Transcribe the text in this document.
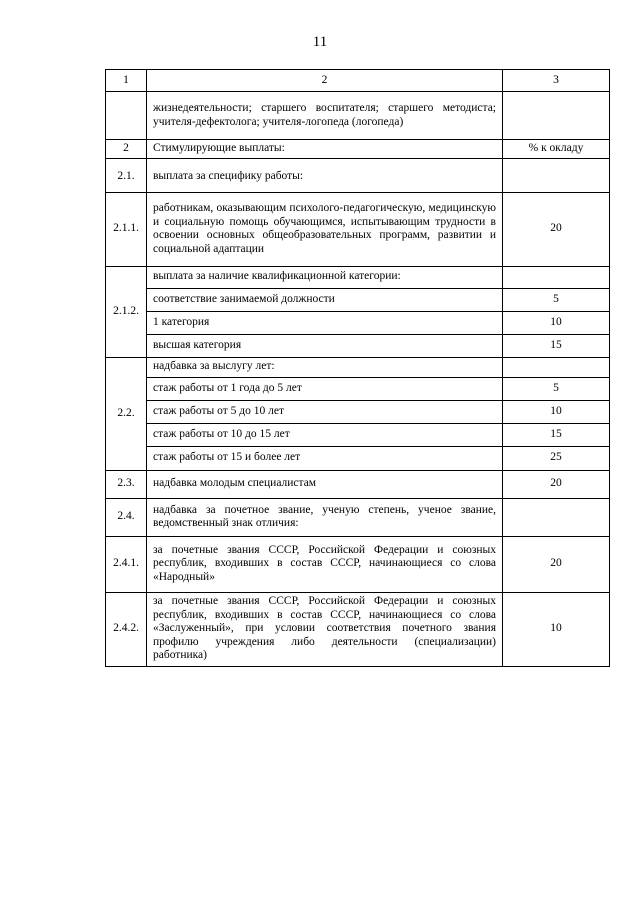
11
1	2	3
	жизнедеятельности; старшего воспитателя; старшего методиста; учителя-дефектолога; учителя-логопеда (логопеда)	
2	Стимулирующие выплаты:	% к окладу
2.1.	выплата за специфику работы:	
2.1.1.	работникам, оказывающим психолого-педагогическую, медицинскую и социальную помощь обучающимся, испытывающим трудности в освоении основных общеобразовательных программ, развитии и социальной адаптации	20
2.1.2.	выплата за наличие квалификационной категории:	
	соответствие занимаемой должности	5
	1 категория	10
	высшая категория	15
2.2.	надбавка за выслугу лет:	
	стаж работы от 1 года до 5 лет	5
	стаж работы от 5 до 10 лет	10
	стаж работы от 10 до 15 лет	15
	стаж работы от 15 и более лет	25
2.3.	надбавка молодым специалистам	20
2.4.	надбавка за почетное звание, ученую степень, ученое звание, ведомственный знак отличия:	
2.4.1.	за почетные звания СССР, Российской Федерации и союзных республик, входивших в состав СССР, начинающиеся со слова «Народный»	20
2.4.2.	за почетные звания СССР, Российской Федерации и союзных республик, входивших в состав СССР, начинающиеся со слова «Заслуженный», при условии соответствия почетного звания профилю учреждения либо деятельности (специализации) работника)	10
